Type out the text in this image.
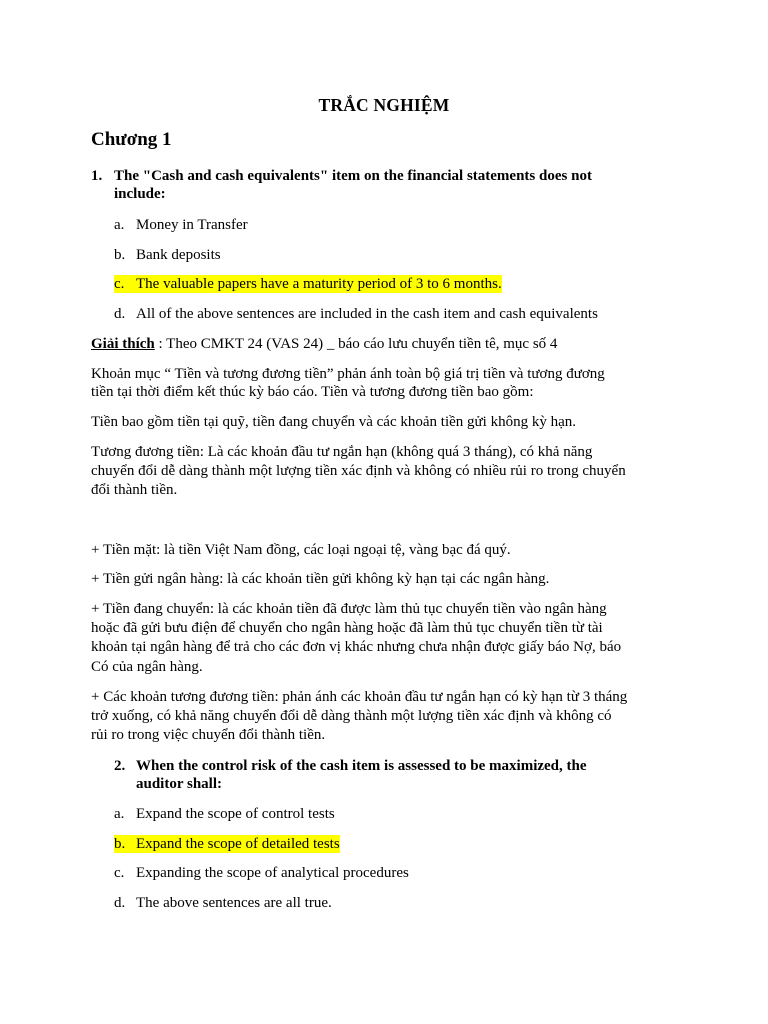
TRẮC NGHIỆM
Chương 1
1. The "Cash and cash equivalents" item on the financial statements does not
include:
a. Money in Transfer
b. Bank deposits
c. The valuable papers have a maturity period of 3 to 6 months.
d. All of the above sentences are included in the cash item and cash equivalents
Giải thích : Theo CMKT 24 (VAS 24) _ báo cáo lưu chuyển tiền tê, mục số 4
Khoản mục “ Tiền và tương đương tiền” phản ánh toàn bộ giá trị tiền và tương đương
tiền tại thời điểm kết thúc kỳ báo cáo. Tiền và tương đương tiền bao gồm:
Tiền bao gồm tiền tại quỹ, tiền đang chuyển và các khoản tiền gửi không kỳ hạn.
Tương đương tiền: Là các khoản đầu tư ngắn hạn (không quá 3 tháng), có khả năng
chuyển đổi dễ dàng thành một lượng tiền xác định và không có nhiều rủi ro trong chuyển
đổi thành tiền.
+ Tiền mặt: là tiền Việt Nam đồng, các loại ngoại tệ, vàng bạc đá quý.
+ Tiền gửi ngân hàng: là các khoản tiền gửi không kỳ hạn tại các ngân hàng.
+ Tiền đang chuyển: là các khoản tiền đã được làm thủ tục chuyển tiền vào ngân hàng
hoặc đã gửi bưu điện để chuyển cho ngân hàng hoặc đã làm thủ tục chuyển tiền từ tài
khoản tại ngân hàng để trả cho các đơn vị khác nhưng chưa nhận được giấy báo Nợ, báo
Có của ngân hàng.
+ Các khoản tương đương tiền: phản ánh các khoản đầu tư ngắn hạn có kỳ hạn từ 3 tháng
trở xuống, có khả năng chuyển đổi dễ dàng thành một lượng tiền xác định và không có
rủi ro trong việc chuyển đổi thành tiền.
2. When the control risk of the cash item is assessed to be maximized, the
auditor shall:
a. Expand the scope of control tests
b. Expand the scope of detailed tests
c. Expanding the scope of analytical procedures
d. The above sentences are all true.
